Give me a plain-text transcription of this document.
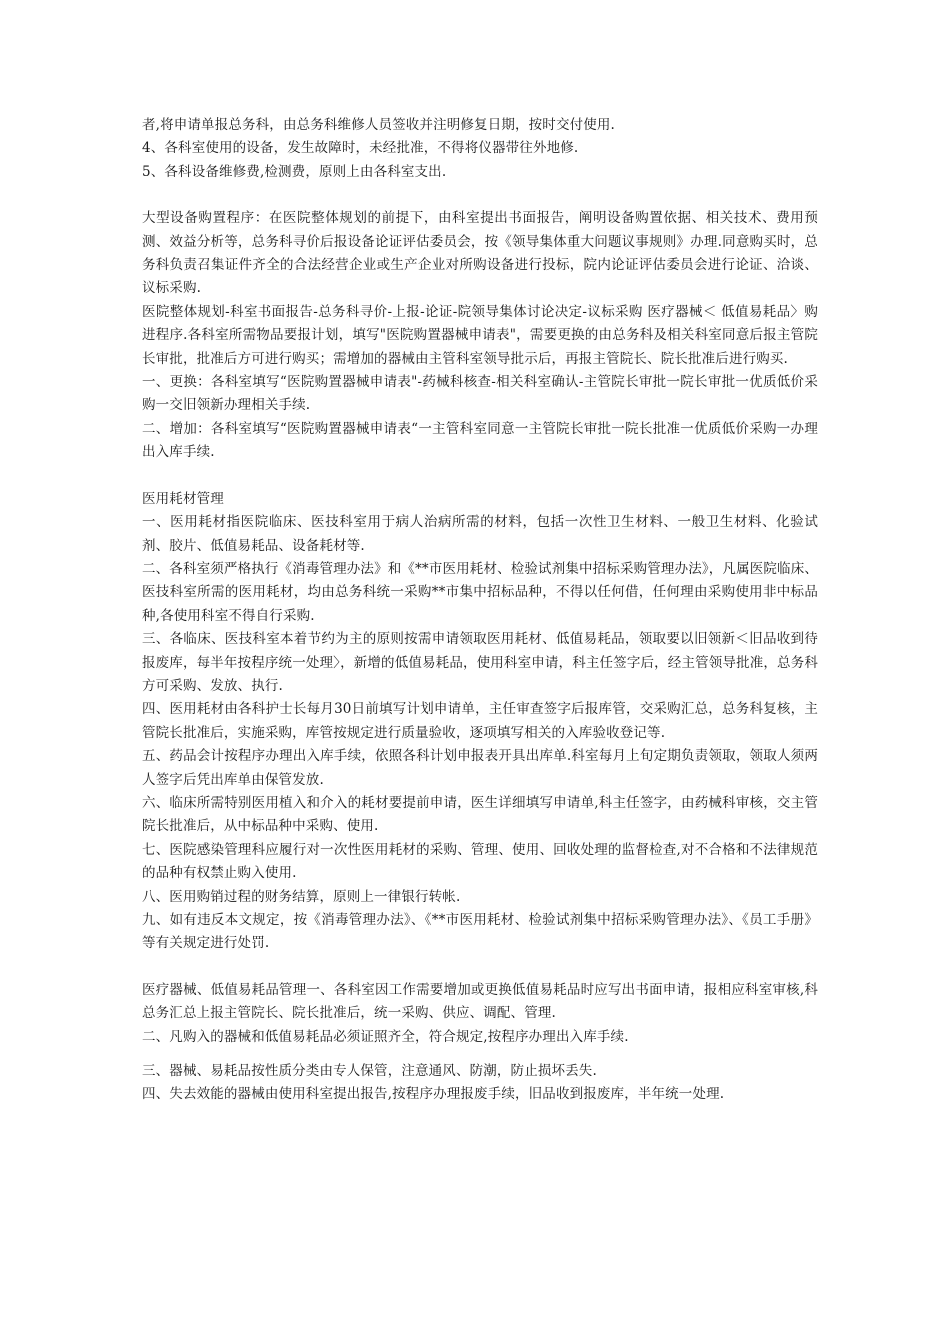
者,将申请单报总务科，由总务科维修人员签收并注明修复日期，按时交付使用.

4、各科室使用的设备，发生故障时，未经批准，不得将仪器带往外地修.

5、各科设备维修费,检测费，原则上由各科室支出.

大型设备购置程序：在医院整体规划的前提下，由科室提出书面报告，阐明设备购置依据、相关技术、费用预测、效益分析等，总务科寻价后报设备论证评估委员会，按《领导集体重大问题议事规则》办理.同意购买时，总务科负责召集证件齐全的合法经营企业或生产企业对所购设备进行投标，院内论证评估委员会进行论证、洽谈、议标采购.

医院整体规划-科室书面报告-总务科寻价-上报-论证-院领导集体讨论决定-议标采购 医疗器械＜ 低值易耗品〉购进程序.各科室所需物品要报计划，填写"医院购置器械申请表"，需要更换的由总务科及相关科室同意后报主管院长审批，批准后方可进行购买；需增加的器械由主管科室领导批示后，再报主管院长、院长批准后进行购买.

一、更换：各科室填写“医院购置器械申请表"-药械科核查-相关科室确认-主管院长审批一院长审批一优质低价采购一交旧领新办理相关手续.

二、增加：各科室填写“医院购置器械申请表“一主管科室同意一主管院长审批一院长批准一优质低价采购一办理出入库手续.

医用耗材管理

一、医用耗材指医院临床、医技科室用于病人治病所需的材料，包括一次性卫生材料、一般卫生材料、化验试剂、胶片、低值易耗品、设备耗材等.

二、各科室须严格执行《消毒管理办法》和《**市医用耗材、检验试剂集中招标采购管理办法》，凡属医院临床、医技科室所需的医用耗材，均由总务科统一采购**市集中招标品种，不得以任何借，任何理由采购使用非中标品种,各使用科室不得自行采购.

三、各临床、医技科室本着节约为主的原则按需申请领取医用耗材、低值易耗品，领取要以旧领新＜旧品收到待报废库，每半年按程序统一处理〉，新增的低值易耗品，使用科室申请，科主任签字后，经主管领导批准，总务科方可采购、发放、执行.

四、医用耗材由各科护士长每月30日前填写计划申请单，主任审查签字后报库管，交采购汇总，总务科复核，主管院长批准后，实施采购，库管按规定进行质量验收，逐项填写相关的入库验收登记等.

五、药品会计按程序办理出入库手续，依照各科计划申报表开具出库单.科室每月上旬定期负责领取，领取人须两人签字后凭出库单由保管发放.

六、临床所需特别医用植入和介入的耗材要提前申请，医生详细填写申请单,科主任签字，由药械科审核，交主管院长批准后，从中标品种中采购、使用.

七、医院感染管理科应履行对一次性医用耗材的采购、管理、使用、回收处理的监督检查,对不合格和不法律规范的品种有权禁止购入使用.

八、医用购销过程的财务结算，原则上一律银行转帐.

九、如有违反本文规定，按《消毒管理办法》、《**市医用耗材、检验试剂集中招标采购管理办法》、《员工手册》等有关规定进行处罚.

医疗器械、低值易耗品管理一、各科室因工作需要增加或更换低值易耗品时应写出书面申请，报相应科室审核,科总务汇总上报主管院长、院长批准后，统一采购、供应、调配、管理.

二、凡购入的器械和低值易耗品必须证照齐全，符合规定,按程序办理出入库手续.

三、器械、易耗品按性质分类由专人保管，注意通风、防潮，防止损坏丢失.

四、失去效能的器械由使用科室提出报告,按程序办理报废手续，旧品收到报废库，半年统一处理.
